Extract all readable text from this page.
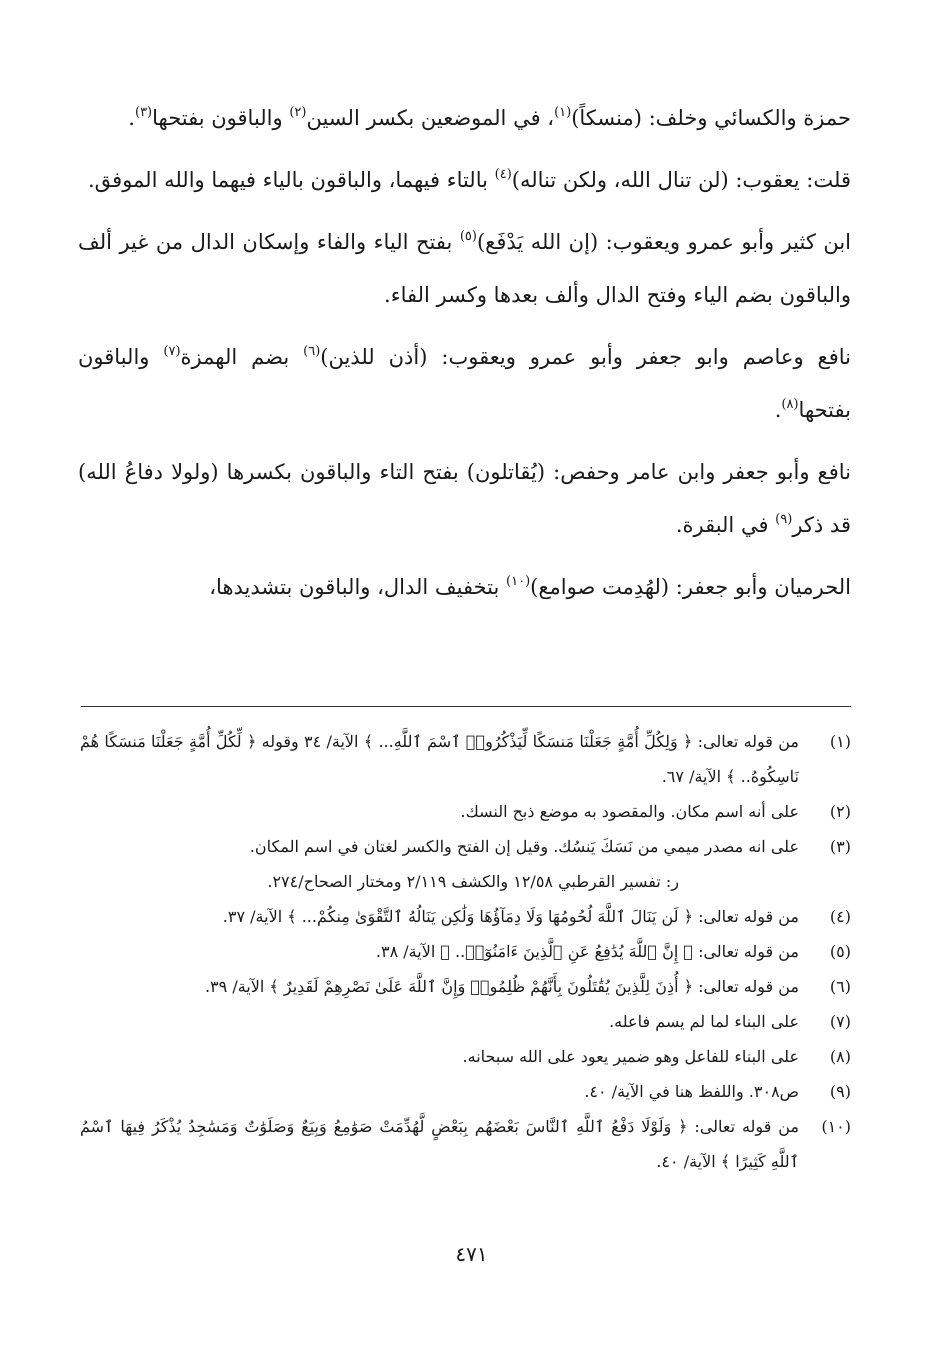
حمزة والكسائي وخلف: (منسكاً)$^{(١)}$، في الموضعين بكسر السين$^{(٢)}$ والباقون بفتحها$^{(٣)}$.

قلت: يعقوب: (لن تنال الله، ولكن تناله)$^{(٤)}$ بالتاء فيهما، والباقون بالياء فيهما والله الموفق.

ابن كثير وأبو عمرو ويعقوب: (إن الله يَدْفَع)$^{(٥)}$ بفتح الياء والفاء وإسكان الدال من غير ألف والباقون بضم الياء وفتح الدال وألف بعدها وكسر الفاء.

نافع وعاصم وابو جعفر وأبو عمرو ويعقوب: (أذن للذين)$^{(٦)}$ بضم الهمزة$^{(٧)}$ والباقون بفتحها$^{(٨)}$.

نافع وأبو جعفر وابن عامر وحفص: (يُقاتلون) بفتح التاء والباقون بكسرها (ولولا دفاعُ الله) قد ذكر$^{(٩)}$ في البقرة.

الحرميان وأبو جعفر: (لهُدِمت صوامع)$^{(١٠)}$ بتخفيف الدال، والباقون بتشديدها،

(١)
من قوله تعالى: ﴿ وَلِكُلِّ أُمَّةٍ جَعَلْنَا مَنسَكًا لِّيَذْكُرُوا۟ ٱسْمَ ٱللَّهِ... ﴾ الآية/ ٣٤ وقوله ﴿ لِّكُلِّ أُمَّةٍ جَعَلْنَا مَنسَكًا هُمْ نَاسِكُوهُ.. ﴾ الآية/ ٦٧.
(٢)
على أنه اسم مكان. والمقصود به موضع ذبح النسك.
(٣)
على انه مصدر ميمي من نَسَكَ يَنسُك. وقيل إن الفتح والكسر لغتان في اسم المكان.
ر: تفسير القرطبي ١٢/٥٨ والكشف ٢/١١٩ ومختار الصحاح/٢٧٤.
(٤)
من قوله تعالى: ﴿ لَن يَنَالَ ٱللَّهَ لُحُومُهَا وَلَا دِمَآؤُهَا وَلَٰكِن يَنَالُهُ ٱلتَّقْوَىٰ مِنكُمْ... ﴾ الآية/ ٣٧.
(٥)
من قوله تعالى: ﴿ إِنَّ ٱللَّهَ يُدَٰفِعُ عَنِ ٱلَّذِينَ ءَامَنُوٓا۟.. ﴾ الآية/ ٣٨.
(٦)
من قوله تعالى: ﴿ أُذِنَ لِلَّذِينَ يُقَٰتَلُونَ بِأَنَّهُمْ ظُلِمُوا۟ وَإِنَّ ٱللَّهَ عَلَىٰ نَصْرِهِمْ لَقَدِيرٌ ﴾ الآية/ ٣٩.
(٧)
على البناء لما لم يسم فاعله.
(٨)
على البناء للفاعل وهو ضمير يعود على الله سبحانه.
(٩)
ص٣٠٨. واللفظ هنا في الآية/ ٤٠.
(١٠)
من قوله تعالى: ﴿ وَلَوْلَا دَفْعُ ٱللَّهِ ٱلنَّاسَ بَعْضَهُم بِبَعْضٍ لَّهُدِّمَتْ صَوَٰمِعُ وَبِيَعٌ وَصَلَوَٰتٌ وَمَسَٰجِدُ يُذْكَرُ فِيهَا ٱسْمُ ٱللَّهِ كَثِيرًا ﴾ الآية/ ٤٠.
٤٧١
